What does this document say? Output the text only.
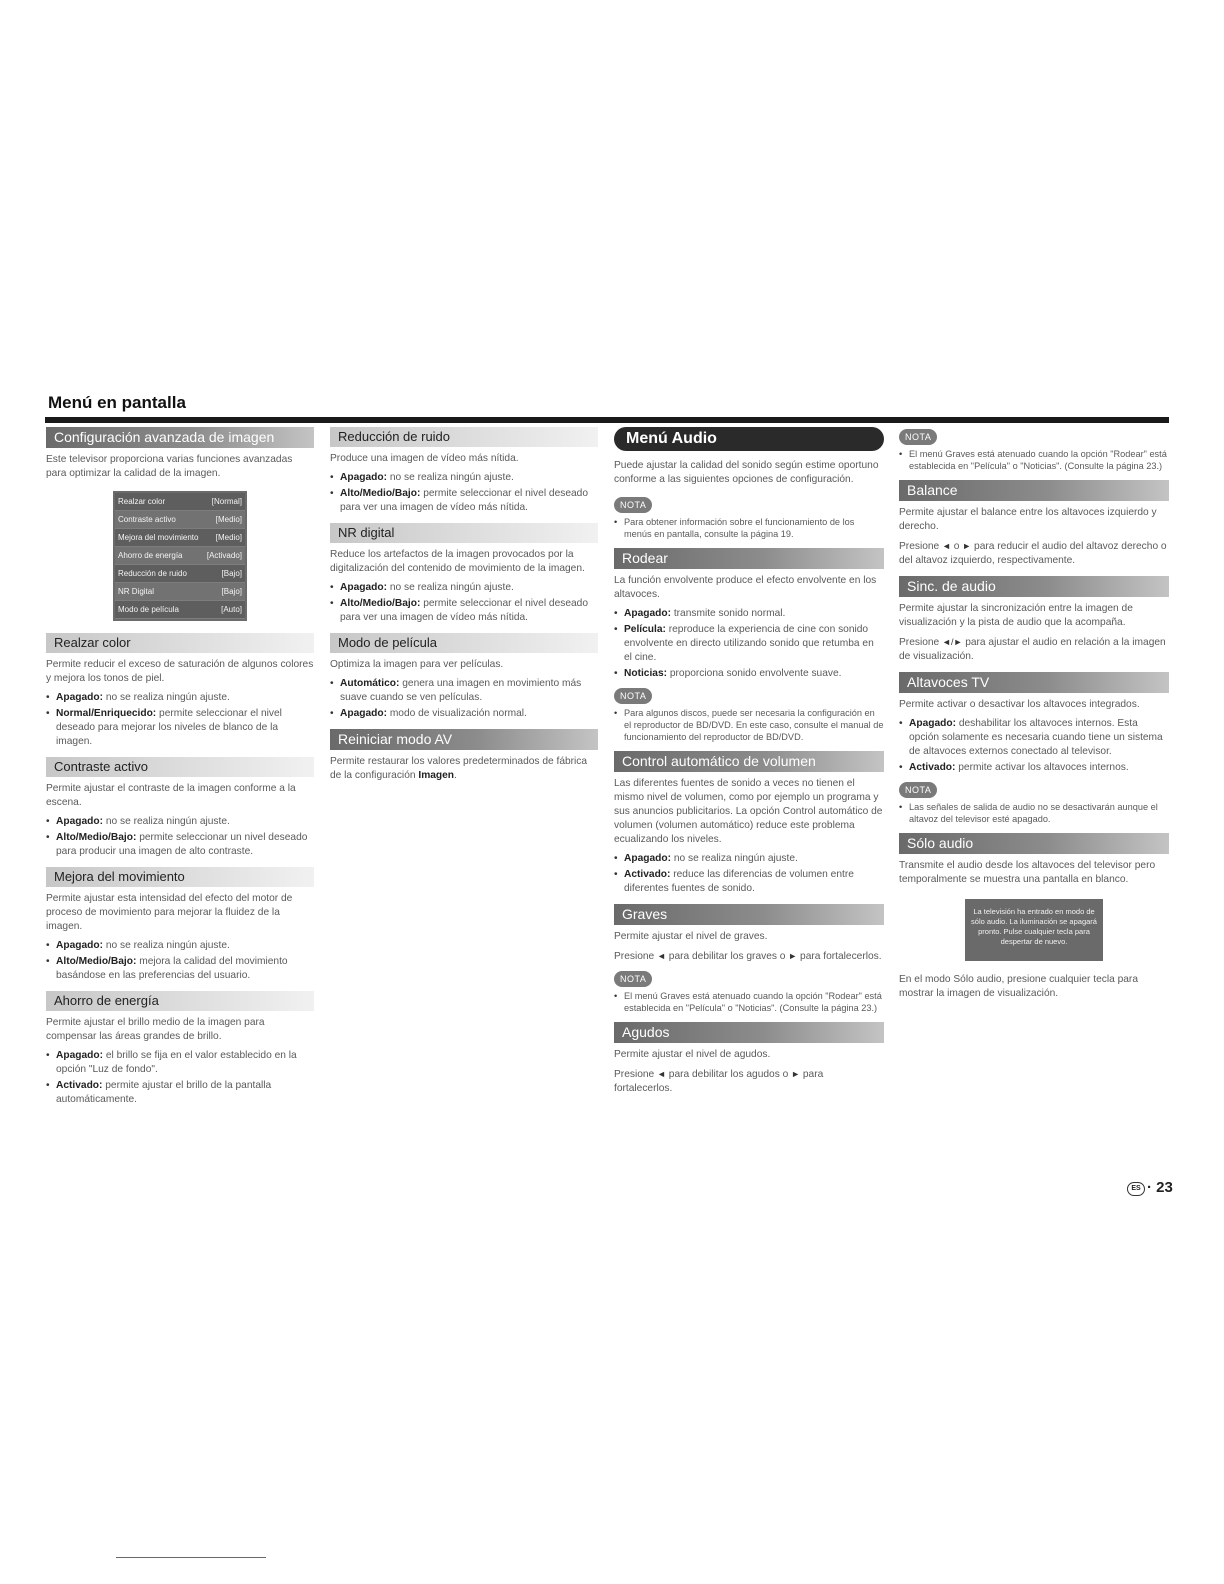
Menú en pantalla
Configuración avanzada de imagen

Este televisor proporciona varias funciones avanzadas para optimizar la calidad de la imagen.

Realzar color	[Normal]
Contraste activo	[Medio]
Mejora del movimiento [Medio]
Ahorro de energía	[Activado]
Reducción de ruido	[Bajo]
NR Digital	[Bajo]
Modo de película	[Auto]
Realzar color

Permite reducir el exceso de saturación de algunos colores y mejora los tonos de piel.

• Apagado: no se realiza ningún ajuste.
• Normal/Enriquecido: permite seleccionar el nivel deseado para mejorar los niveles de blanco de la imagen.
Contraste activo

Permite ajustar el contraste de la imagen conforme a la escena.

• Apagado: no se realiza ningún ajuste.
• Alto/Medio/Bajo: permite seleccionar un nivel deseado para producir una imagen de alto contraste.
Mejora del movimiento

Permite ajustar esta intensidad del efecto del motor de proceso de movimiento para mejorar la fluidez de la imagen.

• Apagado: no se realiza ningún ajuste.
• Alto/Medio/Bajo: mejora la calidad del movimiento basándose en las preferencias del usuario.
Ahorro de energía

Permite ajustar el brillo medio de la imagen para compensar las áreas grandes de brillo.

• Apagado: el brillo se fija en el valor establecido en la opción "Luz de fondo".
• Activado: permite ajustar el brillo de la pantalla automáticamente.
Reducción de ruido

Produce una imagen de vídeo más nítida.

• Apagado: no se realiza ningún ajuste.
• Alto/Medio/Bajo: permite seleccionar el nivel deseado para ver una imagen de vídeo más nítida.
NR digital

Reduce los artefactos de la imagen provocados por la digitalización del contenido de movimiento de la imagen.

• Apagado: no se realiza ningún ajuste.
• Alto/Medio/Bajo: permite seleccionar el nivel deseado para ver una imagen de vídeo más nítida.
Modo de película

Optimiza la imagen para ver películas.

• Automático: genera una imagen en movimiento más suave cuando se ven películas.
• Apagado: modo de visualización normal.
Reiniciar modo AV

Permite restaurar los valores predeterminados de fábrica de la configuración Imagen.

Menú Audio

Puede ajustar la calidad del sonido según estime oportuno conforme a las siguientes opciones de configuración.

NOTA
• Para obtener información sobre el funcionamiento de los menús en pantalla, consulte la página 19.
Rodear

La función envolvente produce el efecto envolvente en los altavoces.

• Apagado: transmite sonido normal.
• Película: reproduce la experiencia de cine con sonido envolvente en directo utilizando sonido que retumba en el cine.
• Noticias: proporciona sonido envolvente suave.
NOTA
• Para algunos discos, puede ser necesaria la configuración en el reproductor de BD/DVD. En este caso, consulte el manual de funcionamiento del reproductor de BD/DVD.
Control automático de volumen

Las diferentes fuentes de sonido a veces no tienen el mismo nivel de volumen, como por ejemplo un programa y sus anuncios publicitarios. La opción Control automático de volumen (volumen automático) reduce este problema ecualizando los niveles.

• Apagado: no se realiza ningún ajuste.
• Activado: reduce las diferencias de volumen entre diferentes fuentes de sonido.
Graves

Permite ajustar el nivel de graves.

Presione ◄ para debilitar los graves o ► para fortalecerlos.

NOTA
• El menú Graves está atenuado cuando la opción "Rodear" está establecida en "Película" o "Noticias". (Consulte la página 23.)
Agudos

Permite ajustar el nivel de agudos.

Presione ◄ para debilitar los agudos o ► para fortalecerlos.

NOTA
• El menú Graves está atenuado cuando la opción "Rodear" está establecida en "Película" o "Noticias". (Consulte la página 23.)
Balance

Permite ajustar el balance entre los altavoces izquierdo y derecho.

Presione ◄ o ► para reducir el audio del altavoz derecho o del altavoz izquierdo, respectivamente.

Sinc. de audio

Permite ajustar la sincronización entre la imagen de visualización y la pista de audio que la acompaña.

Presione ◄/► para ajustar el audio en relación a la imagen de visualización.

Altavoces TV

Permite activar o desactivar los altavoces integrados.

• Apagado: deshabilitar los altavoces internos. Esta opción solamente es necesaria cuando tiene un sistema de altavoces externos conectado al televisor.
• Activado: permite activar los altavoces internos.
NOTA
• Las señales de salida de audio no se desactivarán aunque el altavoz del televisor esté apagado.
Sólo audio

Transmite el audio desde los altavoces del televisor pero temporalmente se muestra una pantalla en blanco.

La televisión ha entrado en modo de sólo audio. La iluminación se apagará pronto. Pulse cualquier tecla para despertar de nuevo.

En el modo Sólo audio, presione cualquier tecla para mostrar la imagen de visualización.

ES · 23
